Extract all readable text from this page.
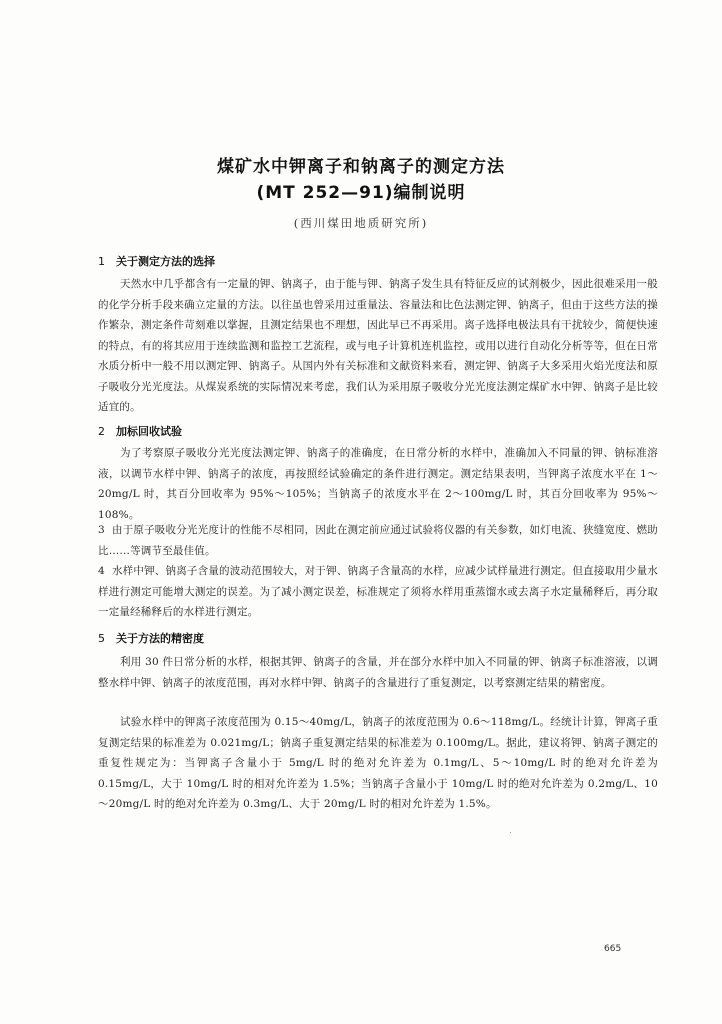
煤矿水中钾离子和钠离子的测定方法
(MT 252—91)编制说明
(西川煤田地质研究所)
1 关于测定方法的选择
天然水中几乎都含有一定量的钾、钠离子，由于能与钾、钠离子发生具有特征反应的试剂极少，因此很难采用一般的化学分析手段来确立定量的方法。以往虽也曾采用过重量法、容量法和比色法测定钾、钠离子，但由于这些方法的操作繁杂，测定条件苛刻难以掌握，且测定结果也不理想，因此早已不再采用。离子选择电极法具有干扰较少，简便快速的特点，有的将其应用于连续监测和监控工艺流程，或与电子计算机连机监控，或用以进行自动化分析等等，但在日常水质分析中一般不用以测定钾、钠离子。从国内外有关标准和文献资料来看，测定钾、钠离子大多采用火焰光度法和原子吸收分光光度法。从煤炭系统的实际情况来考虑，我们认为采用原子吸收分光光度法测定煤矿水中钾、钠离子是比较适宜的。
2 加标回收试验
为了考察原子吸收分光光度法测定钾、钠离子的准确度，在日常分析的水样中，准确加入不同量的钾、钠标准溶液，以调节水样中钾、钠离子的浓度，再按照经试验确定的条件进行测定。测定结果表明，当钾离子浓度水平在 1～20mg/L 时，其百分回收率为 95%～105%；当钠离子的浓度水平在 2～100mg/L 时，其百分回收率为 95%～108%。
3 由于原子吸收分光光度计的性能不尽相同，因此在测定前应通过试验将仪器的有关参数，如灯电流、狭缝宽度、燃助比……等调节至最佳值。
4 水样中钾、钠离子含量的波动范围较大，对于钾、钠离子含量高的水样，应减少试样量进行测定。但直接取用少量水样进行测定可能增大测定的误差。为了减小测定误差，标准规定了须将水样用重蒸馏水或去离子水定量稀释后，再分取一定量经稀释后的水样进行测定。
5 关于方法的精密度
利用 30 件日常分析的水样，根据其钾、钠离子的含量，并在部分水样中加入不同量的钾、钠离子标准溶液，以调整水样中钾、钠离子的浓度范围，再对水样中钾、钠离子的含量进行了重复测定，以考察测定结果的精密度。
试验水样中的钾离子浓度范围为 0.15～40mg/L，钠离子的浓度范围为 0.6～118mg/L。经统计计算，钾离子重复测定结果的标准差为 0.021mg/L；钠离子重复测定结果的标准差为 0.100mg/L。据此，建议将钾、钠离子测定的重复性规定为：当钾离子含量小于 5mg/L 时的绝对允许差为 0.1mg/L、5～10mg/L 时的绝对允许差为 0.15mg/L，大于 10mg/L 时的相对允许差为 1.5%；当钠离子含量小于 10mg/L 时的绝对允许差为 0.2mg/L、10～20mg/L 时的绝对允许差为 0.3mg/L、大于 20mg/L 时的相对允许差为 1.5%。
665
